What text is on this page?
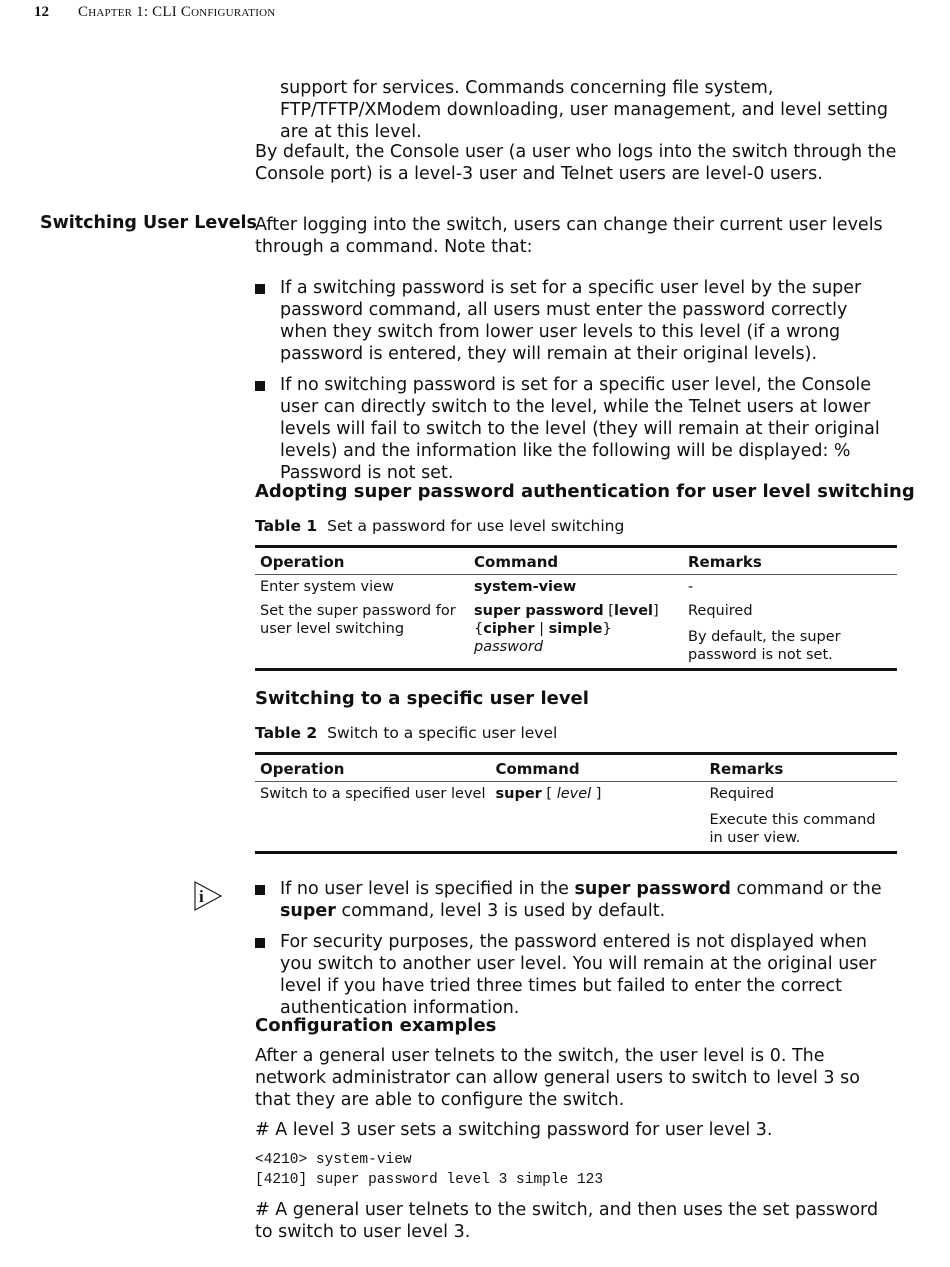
12	Chapter 1: CLI Configuration

support for services. Commands concerning file system, FTP/TFTP/XModem downloading, user management, and level setting are at this level.

By default, the Console user (a user who logs into the switch through the Console port) is a level-3 user and Telnet users are level-0 users.

Switching User Levels

After logging into the switch, users can change their current user levels through a command. Note that:

If a switching password is set for a specific user level by the super password command, all users must enter the password correctly when they switch from lower user levels to this level (if a wrong password is entered, they will remain at their original levels).
If no switching password is set for a specific user level, the Console user can directly switch to the level, while the Telnet users at lower levels will fail to switch to the level (they will remain at their original levels) and the information like the following will be displayed: % Password is not set.
Adopting super password authentication for user level switching
Table 1 Set a password for use level switching
Operation	Command	Remarks
Enter system view	system-view	-

Set the super password for user level switching	super password [level]
{cipher | simple} password	Required
By default, the super password is not set.
Switching to a specific user level
Table 2 Switch to a specific user level
Operation	Command	Remarks
Switch to a specified user level	super [ level ]	Required
Execute this command in user view.
i	If no user level is specified in the super password command or the super command, level 3 is used by default.
For security purposes, the password entered is not displayed when you switch to another user level. You will remain at the original user level if you have tried three times but failed to enter the correct authentication information.
Configuration examples

After a general user telnets to the switch, the user level is 0. The network administrator can allow general users to switch to level 3 so that they are able to configure the switch.

# A level 3 user sets a switching password for user level 3.

<4210> system-view
[4210] super password level 3 simple 123

# A general user telnets to the switch, and then uses the set password to switch to user level 3.
